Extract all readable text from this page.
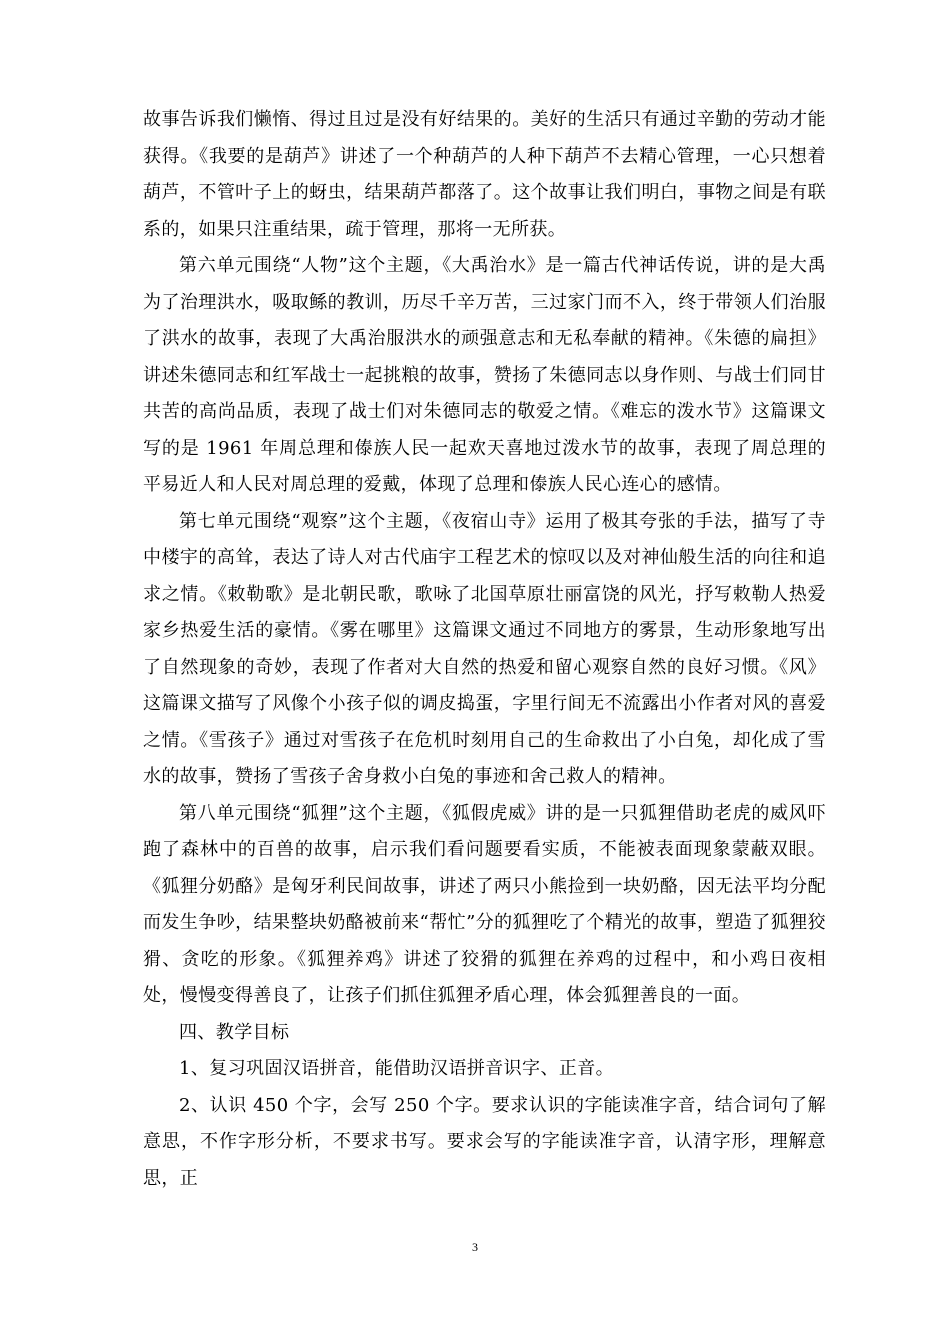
故事告诉我们懒惰、得过且过是没有好结果的。美好的生活只有通过辛勤的劳动才能获得。《我要的是葫芦》讲述了一个种葫芦的人种下葫芦不去精心管理，一心只想着葫芦，不管叶子上的蚜虫，结果葫芦都落了。这个故事让我们明白，事物之间是有联系的，如果只注重结果，疏于管理，那将一无所获。

第六单元围绕“人物”这个主题，《大禹治水》是一篇古代神话传说，讲的是大禹为了治理洪水，吸取鲧的教训，历尽千辛万苦，三过家门而不入，终于带领人们治服了洪水的故事，表现了大禹治服洪水的顽强意志和无私奉献的精神。《朱德的扁担》讲述朱德同志和红军战士一起挑粮的故事，赞扬了朱德同志以身作则、与战士们同甘共苦的高尚品质，表现了战士们对朱德同志的敬爱之情。《难忘的泼水节》这篇课文写的是 1961 年周总理和傣族人民一起欢天喜地过泼水节的故事，表现了周总理的平易近人和人民对周总理的爱戴，体现了总理和傣族人民心连心的感情。

第七单元围绕“观察”这个主题，《夜宿山寺》运用了极其夸张的手法，描写了寺中楼宇的高耸，表达了诗人对古代庙宇工程艺术的惊叹以及对神仙般生活的向往和追求之情。《敕勒歌》是北朝民歌，歌咏了北国草原壮丽富饶的风光，抒写敕勒人热爱家乡热爱生活的豪情。《雾在哪里》这篇课文通过不同地方的雾景，生动形象地写出了自然现象的奇妙，表现了作者对大自然的热爱和留心观察自然的良好习惯。《风》这篇课文描写了风像个小孩子似的调皮捣蛋，字里行间无不流露出小作者对风的喜爱之情。《雪孩子》通过对雪孩子在危机时刻用自己的生命救出了小白兔，却化成了雪水的故事，赞扬了雪孩子舍身救小白兔的事迹和舍己救人的精神。

第八单元围绕“狐狸”这个主题，《狐假虎威》讲的是一只狐狸借助老虎的威风吓跑了森林中的百兽的故事，启示我们看问题要看实质，不能被表面现象蒙蔽双眼。《狐狸分奶酪》是匈牙利民间故事，讲述了两只小熊捡到一块奶酪，因无法平均分配而发生争吵，结果整块奶酪被前来“帮忙”分的狐狸吃了个精光的故事，塑造了狐狸狡猾、贪吃的形象。《狐狸养鸡》讲述了狡猾的狐狸在养鸡的过程中，和小鸡日夜相处，慢慢变得善良了，让孩子们抓住狐狸矛盾心理，体会狐狸善良的一面。

四、教学目标

1、复习巩固汉语拼音，能借助汉语拼音识字、正音。

2、认识 450 个字，会写 250 个字。要求认识的字能读准字音，结合词句了解意思，不作字形分析，不要求书写。要求会写的字能读准字音，认清字形，理解意思，正

3
